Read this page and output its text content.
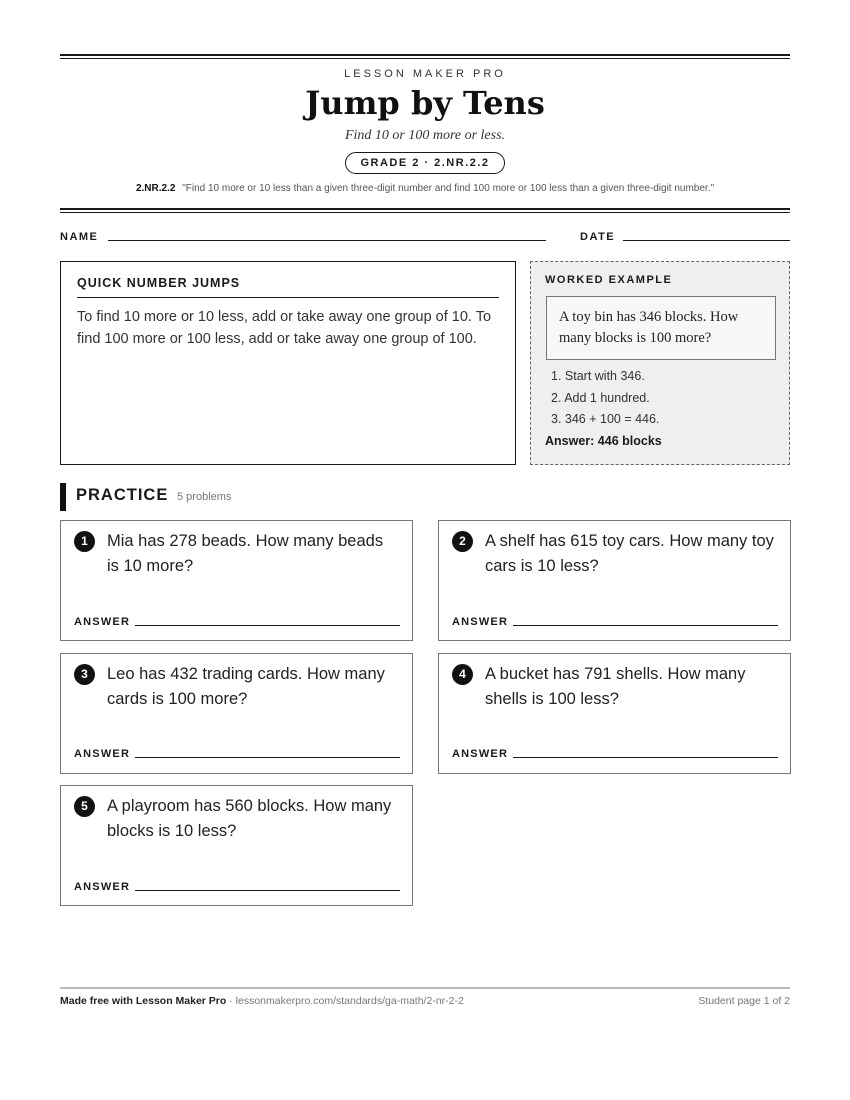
LESSON MAKER PRO
Jump by Tens
Find 10 or 100 more or less.
GRADE 2 · 2.NR.2.2
2.NR.2.2 "Find 10 more or 10 less than a given three-digit number and find 100 more or 100 less than a given three-digit number."
NAME	DATE
QUICK NUMBER JUMPS
To find 10 more or 10 less, add or take away one group of 10. To find 100 more or 100 less, add or take away one group of 100.
WORKED EXAMPLE
A toy bin has 346 blocks. How many blocks is 100 more?
1. Start with 346.
2. Add 1 hundred.
3. 346 + 100 = 446.
Answer: 446 blocks
PRACTICE 5 problems
1	Mia has 278 beads. How many beads is 10 more?
ANSWER
2	A shelf has 615 toy cars. How many toy cars is 10 less?
ANSWER
3	Leo has 432 trading cards. How many cards is 100 more?
ANSWER
4	A bucket has 791 shells. How many shells is 100 less?
ANSWER
5	A playroom has 560 blocks. How many blocks is 10 less?
ANSWER
Made free with Lesson Maker Pro · lessonmakerpro.com/standards/ga-math/2-nr-2-2	Student page 1 of 2
